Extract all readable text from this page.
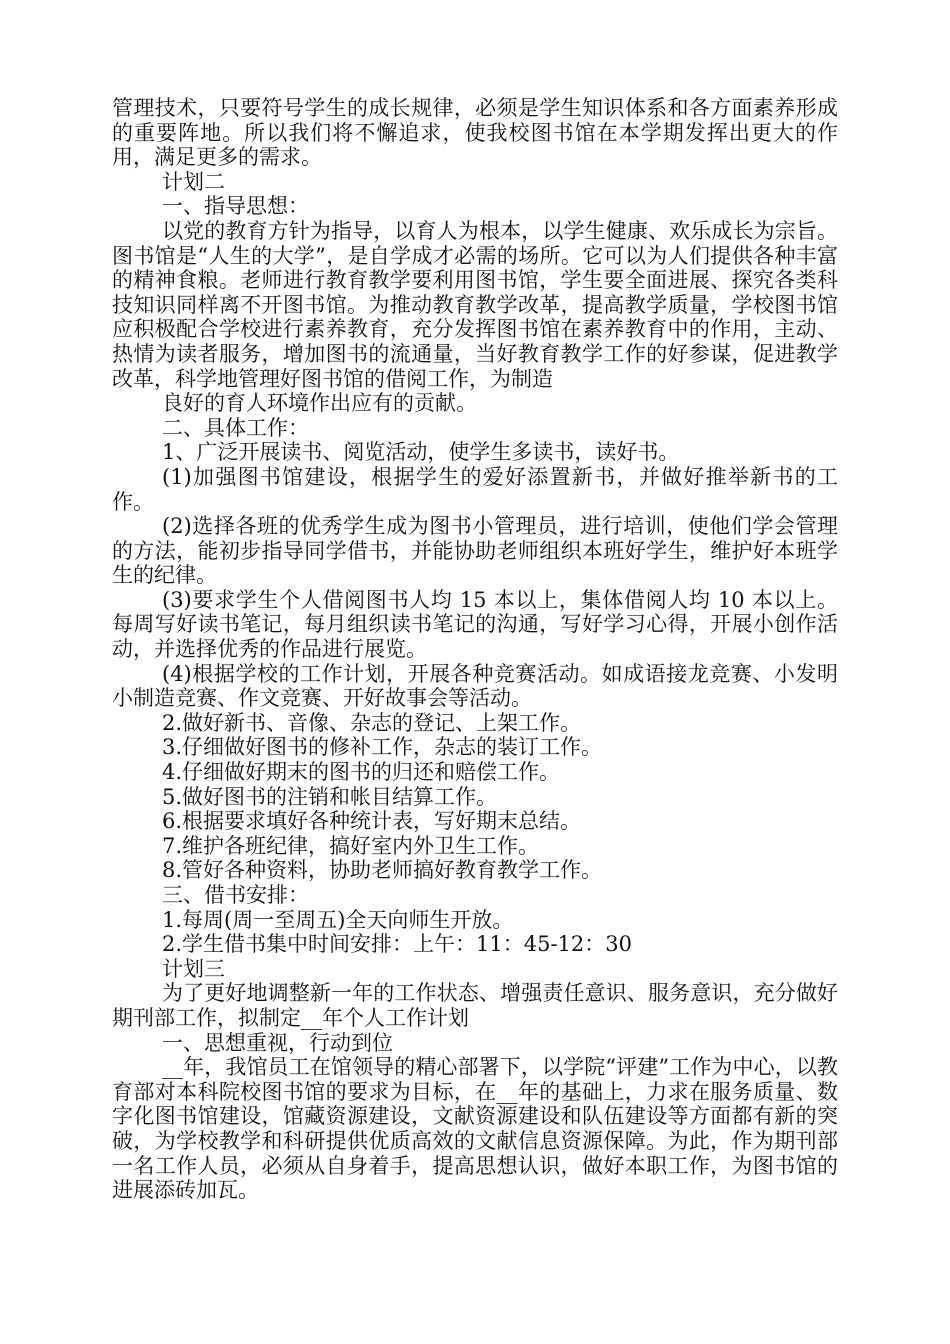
管理技术，只要符号学生的成长规律，必须是学生知识体系和各方面素养形成的重要阵地。所以我们将不懈追求，使我校图书馆在本学期发挥出更大的作用，满足更多的需求。

计划二

一、指导思想：

以党的教育方针为指导，以育人为根本，以学生健康、欢乐成长为宗旨。图书馆是“人生的大学”，是自学成才必需的场所。它可以为人们提供各种丰富的精神食粮。老师进行教育教学要利用图书馆，学生要全面进展、探究各类科技知识同样离不开图书馆。为推动教育教学改革，提高教学质量，学校图书馆应积极配合学校进行素养教育，充分发挥图书馆在素养教育中的作用，主动、热情为读者服务，增加图书的流通量，当好教育教学工作的好参谋，促进教学改革，科学地管理好图书馆的借阅工作，为制造

良好的育人环境作出应有的贡献。

二、具体工作：

1、广泛开展读书、阅览活动，使学生多读书，读好书。

(1)加强图书馆建设，根据学生的爱好添置新书，并做好推举新书的工作。

(2)选择各班的优秀学生成为图书小管理员，进行培训，使他们学会管理的方法，能初步指导同学借书，并能协助老师组织本班好学生，维护好本班学生的纪律。

(3)要求学生个人借阅图书人均 15 本以上，集体借阅人均 10 本以上。每周写好读书笔记，每月组织读书笔记的沟通，写好学习心得，开展小创作活动，并选择优秀的作品进行展览。

(4)根据学校的工作计划，开展各种竞赛活动。如成语接龙竞赛、小发明小制造竞赛、作文竞赛、开好故事会等活动。

2.做好新书、音像、杂志的登记、上架工作。

3.仔细做好图书的修补工作，杂志的装订工作。

4.仔细做好期末的图书的归还和赔偿工作。

5.做好图书的注销和帐目结算工作。

6.根据要求填好各种统计表，写好期末总结。

7.维护各班纪律，搞好室内外卫生工作。

8.管好各种资料，协助老师搞好教育教学工作。

三、借书安排：

1.每周(周一至周五)全天向师生开放。

2.学生借书集中时间安排：上午：11：45-12：30

计划三

为了更好地调整新一年的工作状态、增强责任意识、服务意识，充分做好期刊部工作，拟制定__年个人工作计划

一、思想重视，行动到位

__年，我馆员工在馆领导的精心部署下，以学院“评建”工作为中心，以教育部对本科院校图书馆的要求为目标，在__年的基础上，力求在服务质量、数字化图书馆建设，馆藏资源建设，文献资源建设和队伍建设等方面都有新的突破，为学校教学和科研提供优质高效的文献信息资源保障。为此，作为期刊部一名工作人员，必须从自身着手，提高思想认识，做好本职工作，为图书馆的进展添砖加瓦。
